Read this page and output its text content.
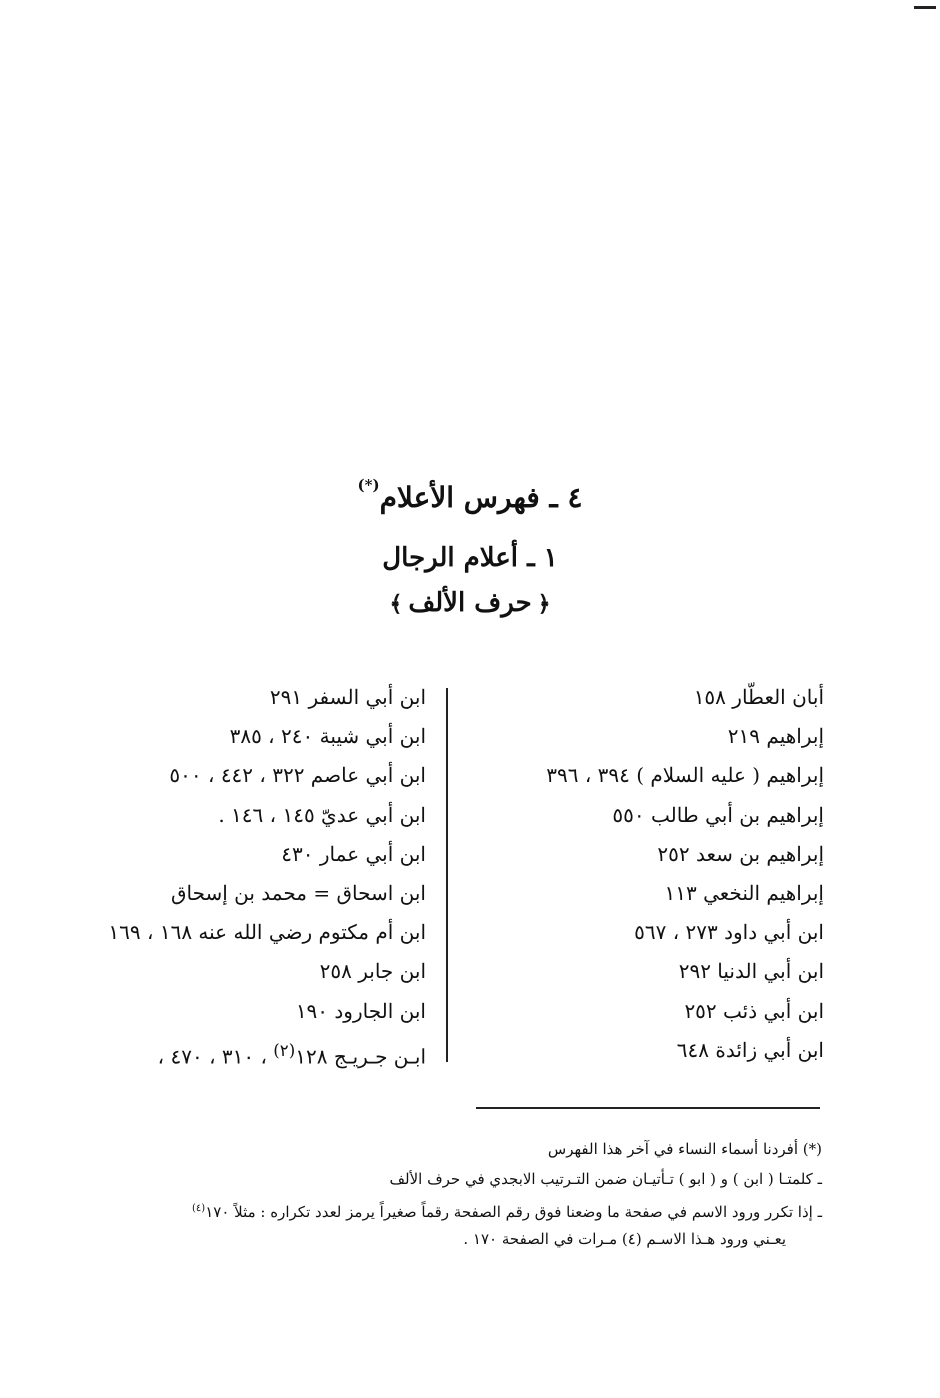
٤ ـ فهرس الأعلام(*)
١ ـ أعلام الرجال
﴿حرف الألف﴾
أبان العطّار ١٥٨
إبراهيم ٢١٩
إبراهيم ( عليه السلام ) ٣٩٤ ، ٣٩٦
إبراهيم بن أبي طالب ٥٥٠
إبراهيم بن سعد ٢٥٢
إبراهيم النخعي ١١٣
ابن أبي داود ٢٧٣ ، ٥٦٧
ابن أبي الدنيا ٢٩٢
ابن أبي ذئب ٢٥٢
ابن أبي زائدة ٦٤٨
ابن أبي السفر ٢٩١
ابن أبي شيبة ٢٤٠ ، ٣٨٥
ابن أبي عاصم ٣٢٢ ، ٤٤٢ ، ٥٠٠
ابن أبي عديّ ١٤٥ ، ١٤٦ .
ابن أبي عمار ٤٣٠
ابن اسحاق = محمد بن إسحاق
ابن أم مكتوم رضي الله عنه ١٦٨ ، ١٦٩
ابن جابر ٢٥٨
ابن الجارود ١٩٠
ابـن جـريـج ١٢٨$^{(٢)}$ ، ٣١٠ ، ٤٧٠ ،

(*) أفردنا أسماء النساء في آخر هذا الفهرس

ـ كلمتـا ( ابن ) و ( ابو ) تـأتيـان ضمن التـرتيب الابجدي في حرف الألف

ـ إذا تكرر ورود الاسم في صفحة ما وضعنا فوق رقم الصفحة رقماً صغيراً يرمز لعدد تكراره : مثلاً ١٧٠$^{(٤)}$

يعـني ورود هـذا الاسـم (٤) مـرات في الصفحة ١٧٠ .
